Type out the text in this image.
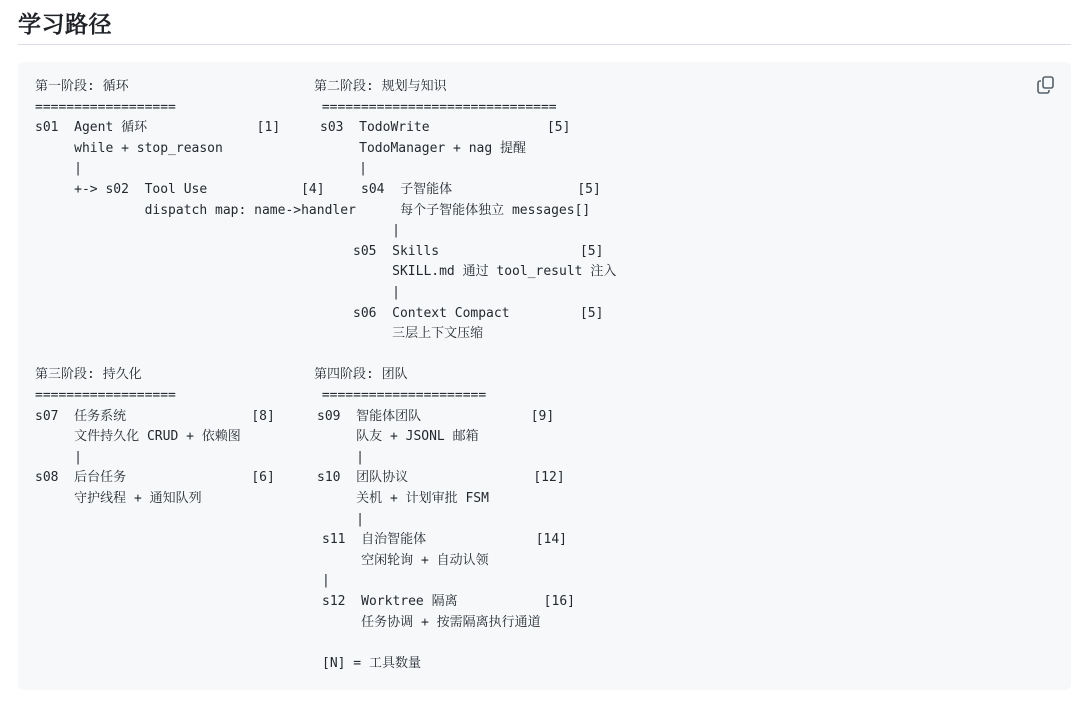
学习路径
第一阶段: 循环
==================
s01  Agent 循环              [1]
while + stop_reason
|
+-> s02  Tool Use            [4]
dispatch map: name->handler
第三阶段: 持久化
==================
s07  任务系统                [8]
文件持久化 CRUD + 依赖图
|
s08  后台任务                [6]
守护线程 + 通知队列
第二阶段: 规划与知识
==============================
s03  TodoWrite               [5]
TodoManager + nag 提醒
|
s04  子智能体                [5]
每个子智能体独立 messages[]
|
s05  Skills                  [5]
SKILL.md 通过 tool_result 注入
|
s06  Context Compact         [5]
三层上下文压缩
第四阶段: 团队
=====================
s09  智能体团队              [9]
队友 + JSONL 邮箱
|
s10  团队协议                [12]
关机 + 计划审批 FSM
|
s11  自治智能体              [14]
空闲轮询 + 自动认领
|
s12  Worktree 隔离           [16]
任务协调 + 按需隔离执行通道
[N] = 工具数量
